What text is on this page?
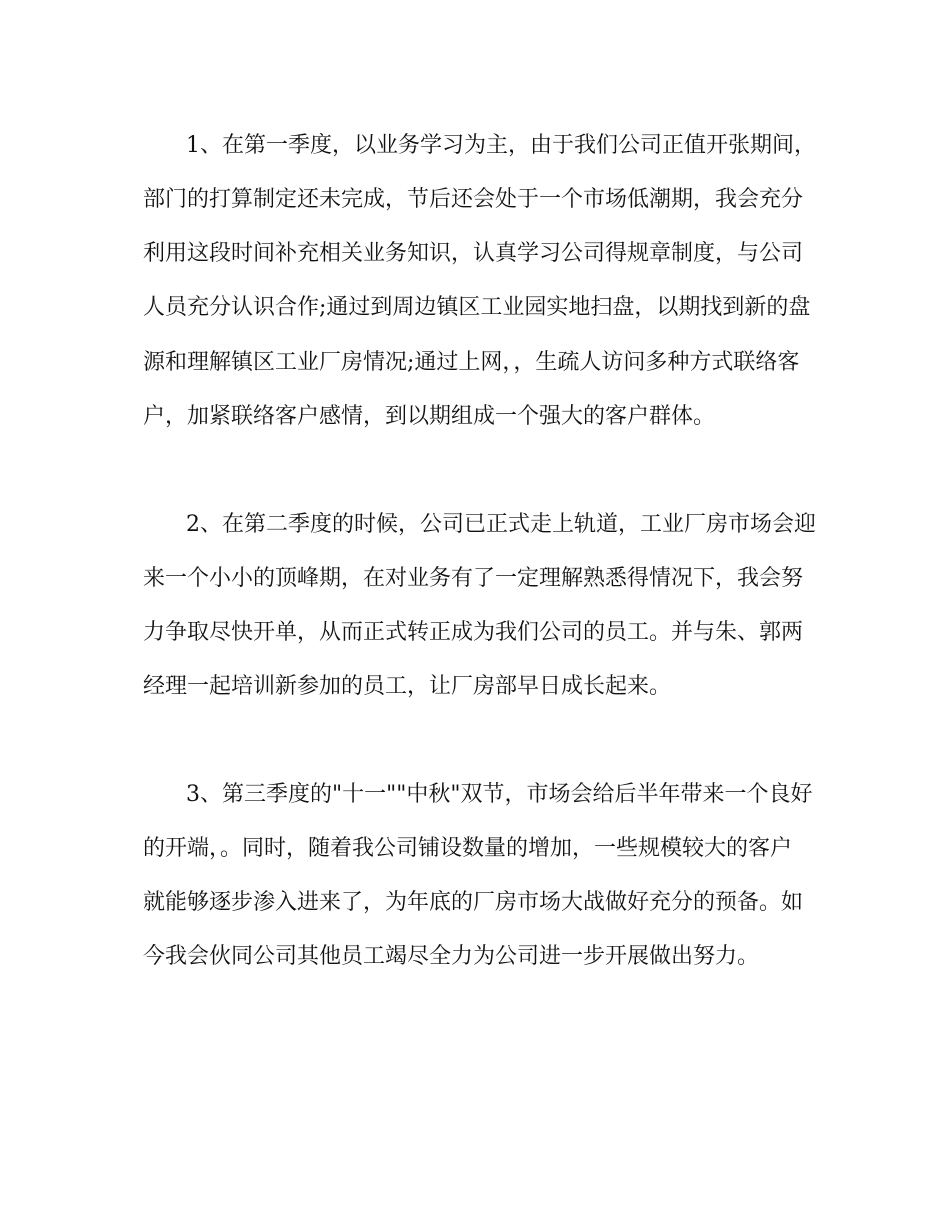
1、在第一季度，以业务学习为主，由于我们公司正值开张期间，
部门的打算制定还未完成，节后还会处于一个市场低潮期，我会充分
利用这段时间补充相关业务知识，认真学习公司得规章制度，与公司
人员充分认识合作;通过到周边镇区工业园实地扫盘，以期找到新的盘
源和理解镇区工业厂房情况;通过上网，，生疏人访问多种方式联络客
户，加紧联络客户感情，到以期组成一个强大的客户群体。
2、在第二季度的时候，公司已正式走上轨道，工业厂房市场会迎
来一个小小的顶峰期，在对业务有了一定理解熟悉得情况下，我会努
力争取尽快开单，从而正式转正成为我们公司的员工。并与朱、郭两
经理一起培训新参加的员工，让厂房部早日成长起来。
3、第三季度的"十一""中秋"双节，市场会给后半年带来一个良好
的开端，。同时，随着我公司铺设数量的增加，一些规模较大的客户
就能够逐步渗入进来了，为年底的厂房市场大战做好充分的预备。如
今我会伙同公司其他员工竭尽全力为公司进一步开展做出努力。
